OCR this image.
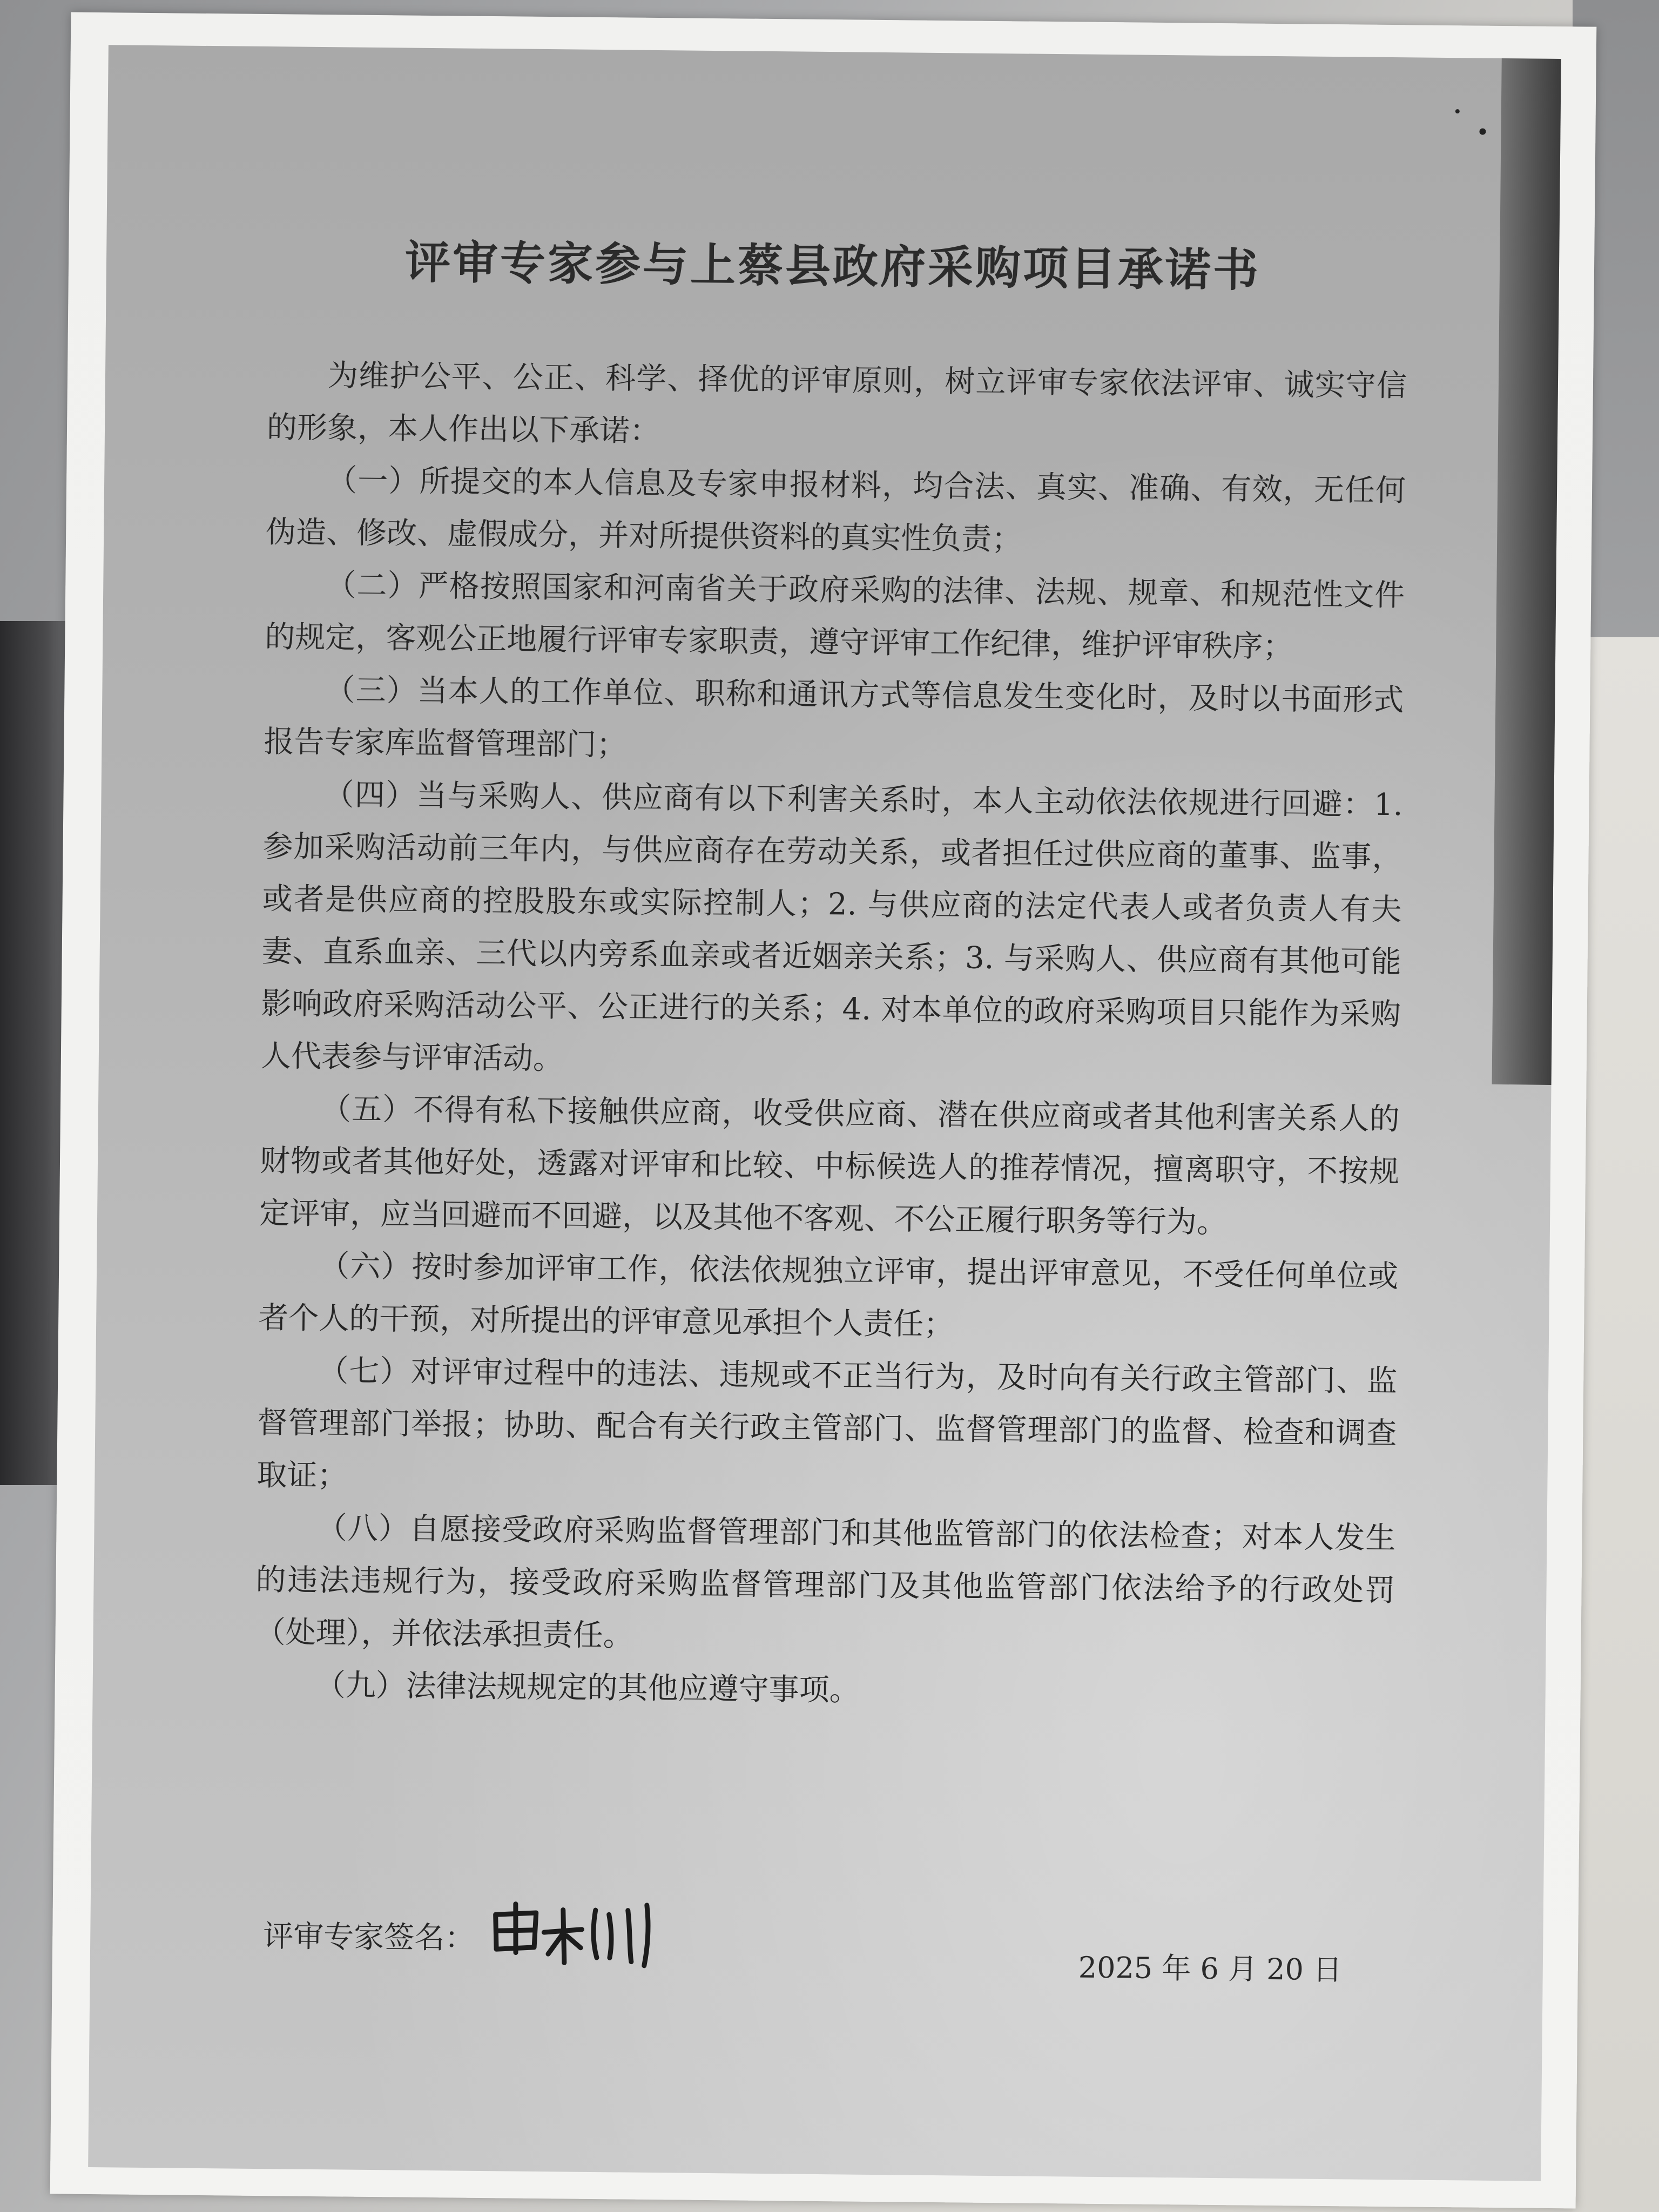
评审专家参与上蔡县政府采购项目承诺书

为维护公平、公正、科学、择优的评审原则，树立评审专家依法评审、诚实守信的形象，本人作出以下承诺：

（一）所提交的本人信息及专家申报材料，均合法、真实、准确、有效，无任何伪造、修改、虚假成分，并对所提供资料的真实性负责；

（二）严格按照国家和河南省关于政府采购的法律、法规、规章、和规范性文件的规定，客观公正地履行评审专家职责，遵守评审工作纪律，维护评审秩序；

（三）当本人的工作单位、职称和通讯方式等信息发生变化时，及时以书面形式报告专家库监督管理部门；

（四）当与采购人、供应商有以下利害关系时，本人主动依法依规进行回避：1. 参加采购活动前三年内，与供应商存在劳动关系，或者担任过供应商的董事、监事，或者是供应商的控股股东或实际控制人；2. 与供应商的法定代表人或者负责人有夫妻、直系血亲、三代以内旁系血亲或者近姻亲关系；3. 与采购人、供应商有其他可能影响政府采购活动公平、公正进行的关系；4. 对本单位的政府采购项目只能作为采购人代表参与评审活动。

（五）不得有私下接触供应商，收受供应商、潜在供应商或者其他利害关系人的财物或者其他好处，透露对评审和比较、中标候选人的推荐情况，擅离职守，不按规定评审，应当回避而不回避，以及其他不客观、不公正履行职务等行为。

（六）按时参加评审工作，依法依规独立评审，提出评审意见，不受任何单位或者个人的干预，对所提出的评审意见承担个人责任；

（七）对评审过程中的违法、违规或不正当行为，及时向有关行政主管部门、监督管理部门举报；协助、配合有关行政主管部门、监督管理部门的监督、检查和调查取证；

（八）自愿接受政府采购监督管理部门和其他监管部门的依法检查；对本人发生的违法违规行为，接受政府采购监督管理部门及其他监管部门依法给予的行政处罚（处理），并依法承担责任。

（九）法律法规规定的其他应遵守事项。

评审专家签名：
2025 年 6 月 20 日
